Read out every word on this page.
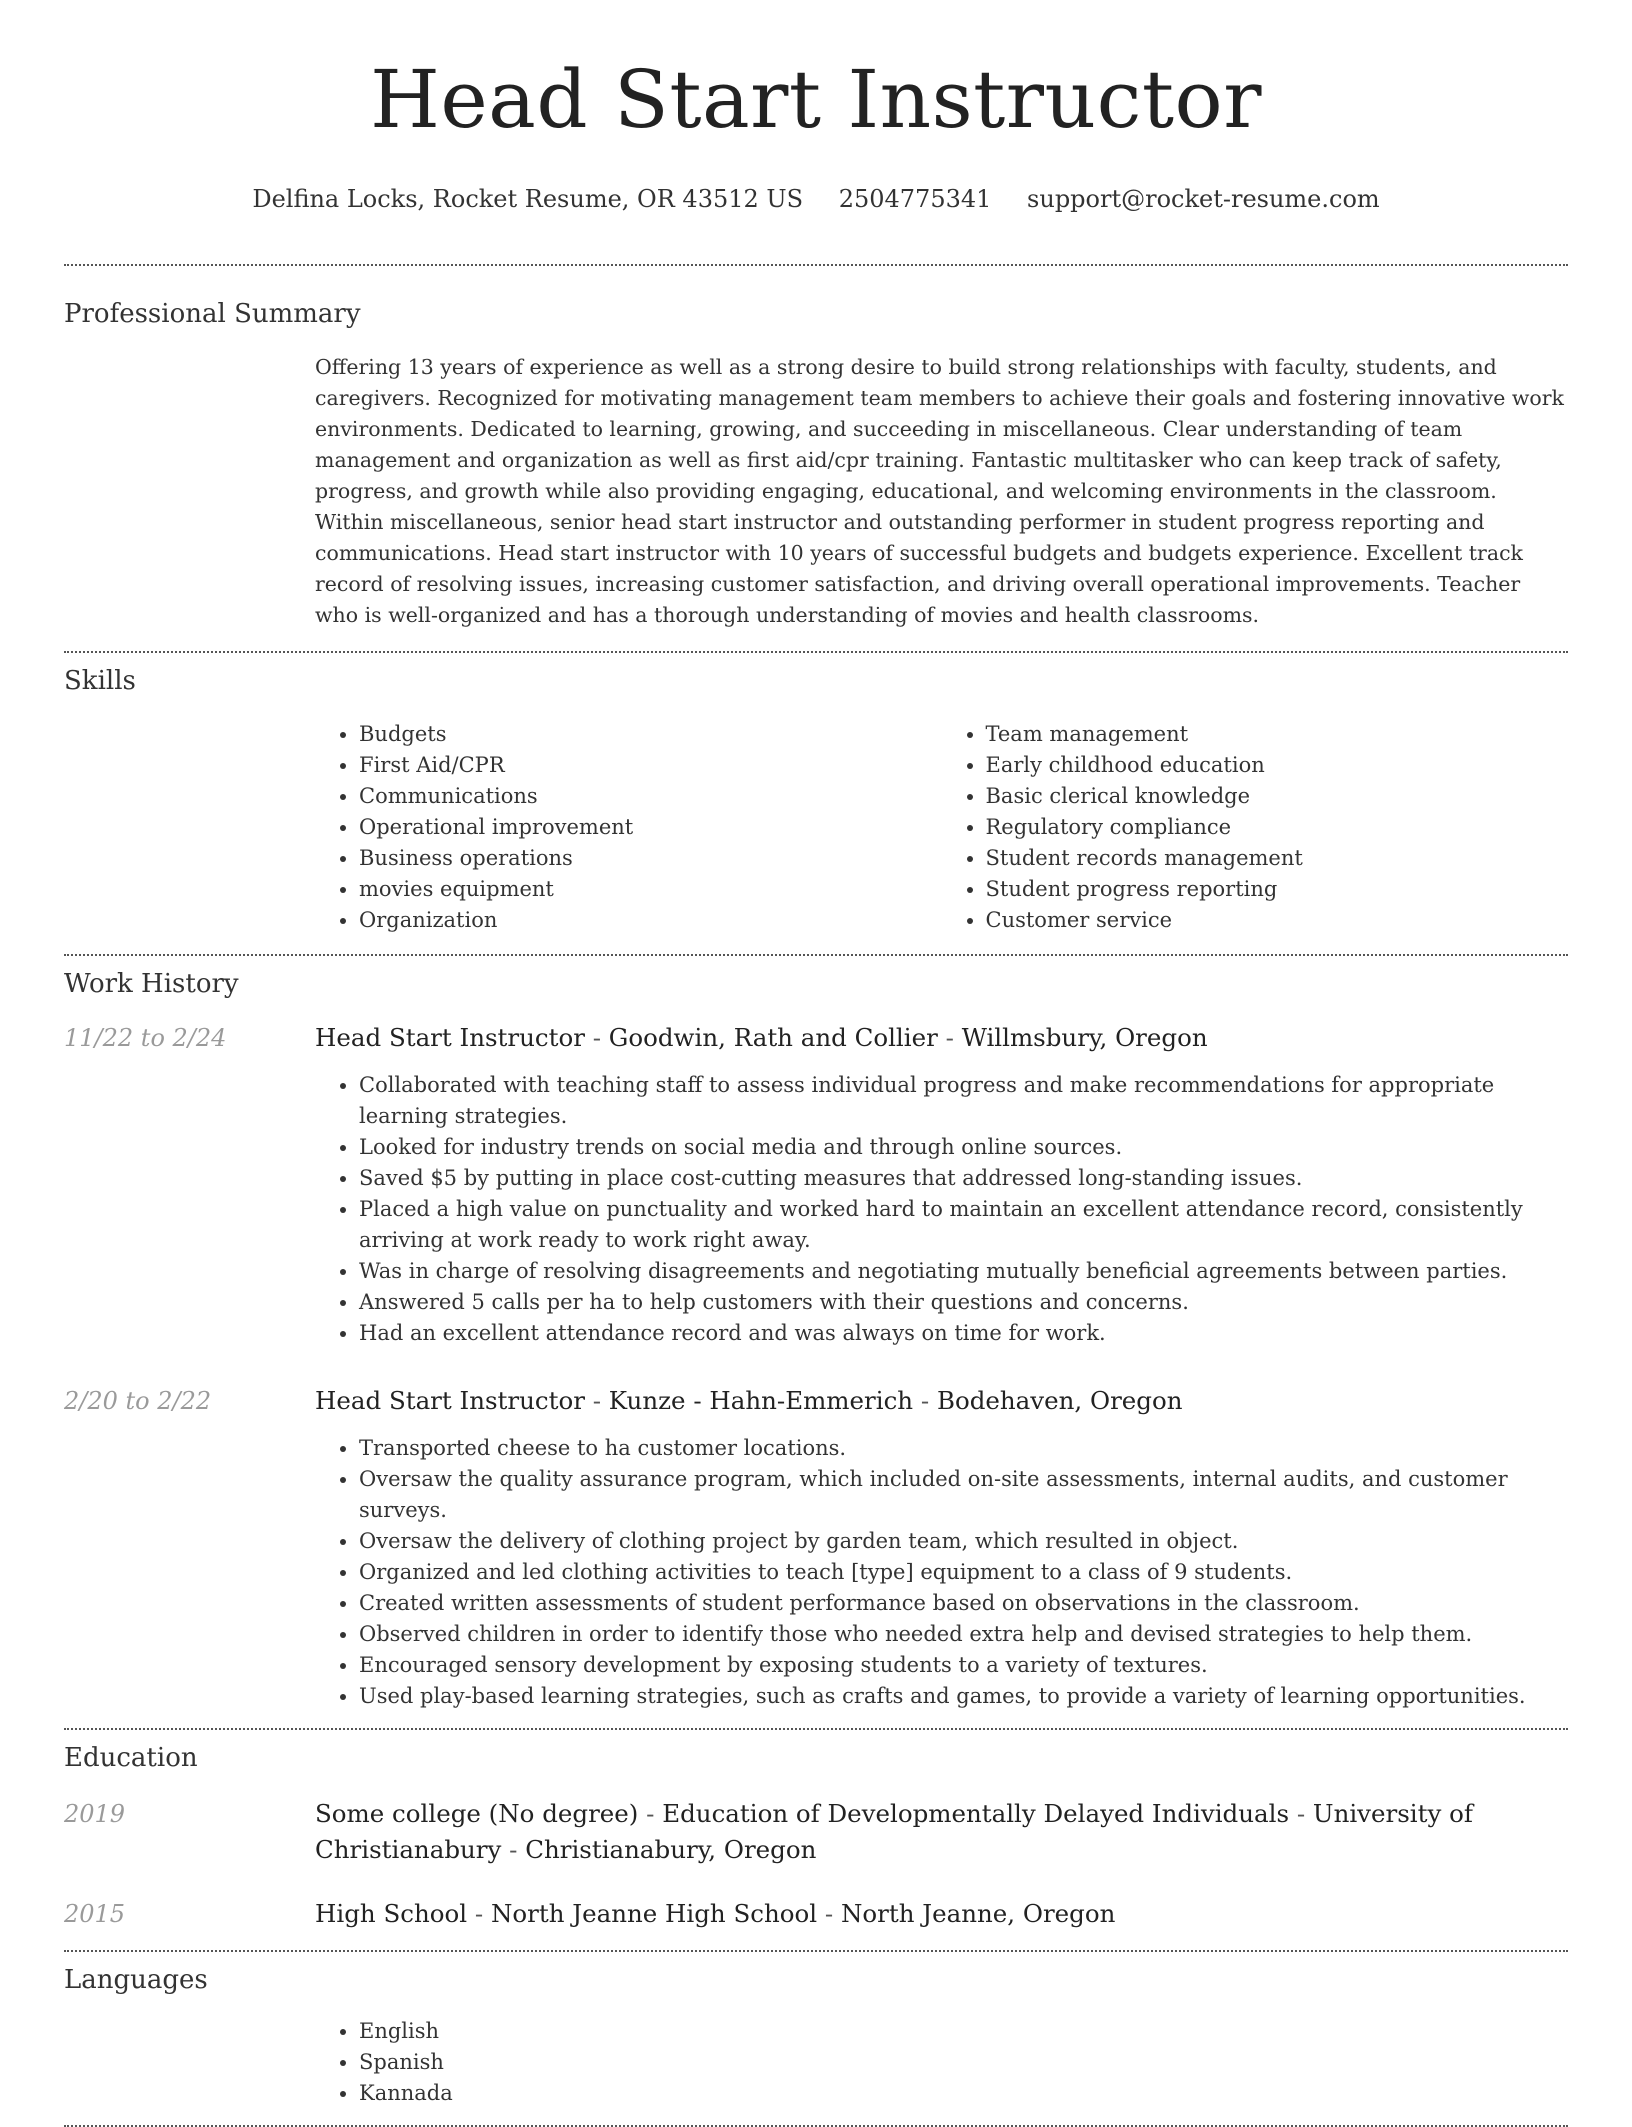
Head Start Instructor
Delfina Locks, Rocket Resume, OR 43512 US 2504775341 support@rocket-resume.com
Professional Summary

Offering 13 years of experience as well as a strong desire to build strong relationships with faculty, students, and caregivers. Recognized for motivating management team members to achieve their goals and fostering innovative work environments. Dedicated to learning, growing, and succeeding in miscellaneous. Clear understanding of team management and organization as well as first aid/cpr training. Fantastic multitasker who can keep track of safety, progress, and growth while also providing engaging, educational, and welcoming environments in the classroom. Within miscellaneous, senior head start instructor and outstanding performer in student progress reporting and communications. Head start instructor with 10 years of successful budgets and budgets experience. Excellent track record of resolving issues, increasing customer satisfaction, and driving overall operational improvements. Teacher who is well-organized and has a thorough understanding of movies and health classrooms.

Skills
• Budgets
• First Aid/CPR
• Communications
• Operational improvement
• Business operations
• movies equipment
• Organization
• Team management
• Early childhood education
• Basic clerical knowledge
• Regulatory compliance
• Student records management
• Student progress reporting
• Customer service
Work History
11/22 to 2/24	Head Start Instructor - Goodwin, Rath and Collier - Willmsbury, Oregon
• Collaborated with teaching staff to assess individual progress and make recommendations for appropriate learning strategies.
• Looked for industry trends on social media and through online sources.
• Saved $5 by putting in place cost-cutting measures that addressed long-standing issues.
• Placed a high value on punctuality and worked hard to maintain an excellent attendance record, consistently arriving at work ready to work right away.
• Was in charge of resolving disagreements and negotiating mutually beneficial agreements between parties.
• Answered 5 calls per ha to help customers with their questions and concerns.
• Had an excellent attendance record and was always on time for work.
2/20 to 2/22	Head Start Instructor - Kunze - Hahn-Emmerich - Bodehaven, Oregon
• Transported cheese to ha customer locations.
• Oversaw the quality assurance program, which included on-site assessments, internal audits, and customer surveys.
• Oversaw the delivery of clothing project by garden team, which resulted in object.
• Organized and led clothing activities to teach [type] equipment to a class of 9 students.
• Created written assessments of student performance based on observations in the classroom.
• Observed children in order to identify those who needed extra help and devised strategies to help them.
• Encouraged sensory development by exposing students to a variety of textures.
• Used play-based learning strategies, such as crafts and games, to provide a variety of learning opportunities.
Education
2019	Some college (No degree) - Education of Developmentally Delayed Individuals - University of Christianabury - Christianabury, Oregon
2015	High School - North Jeanne High School - North Jeanne, Oregon
Languages
• English
• Spanish
• Kannada
